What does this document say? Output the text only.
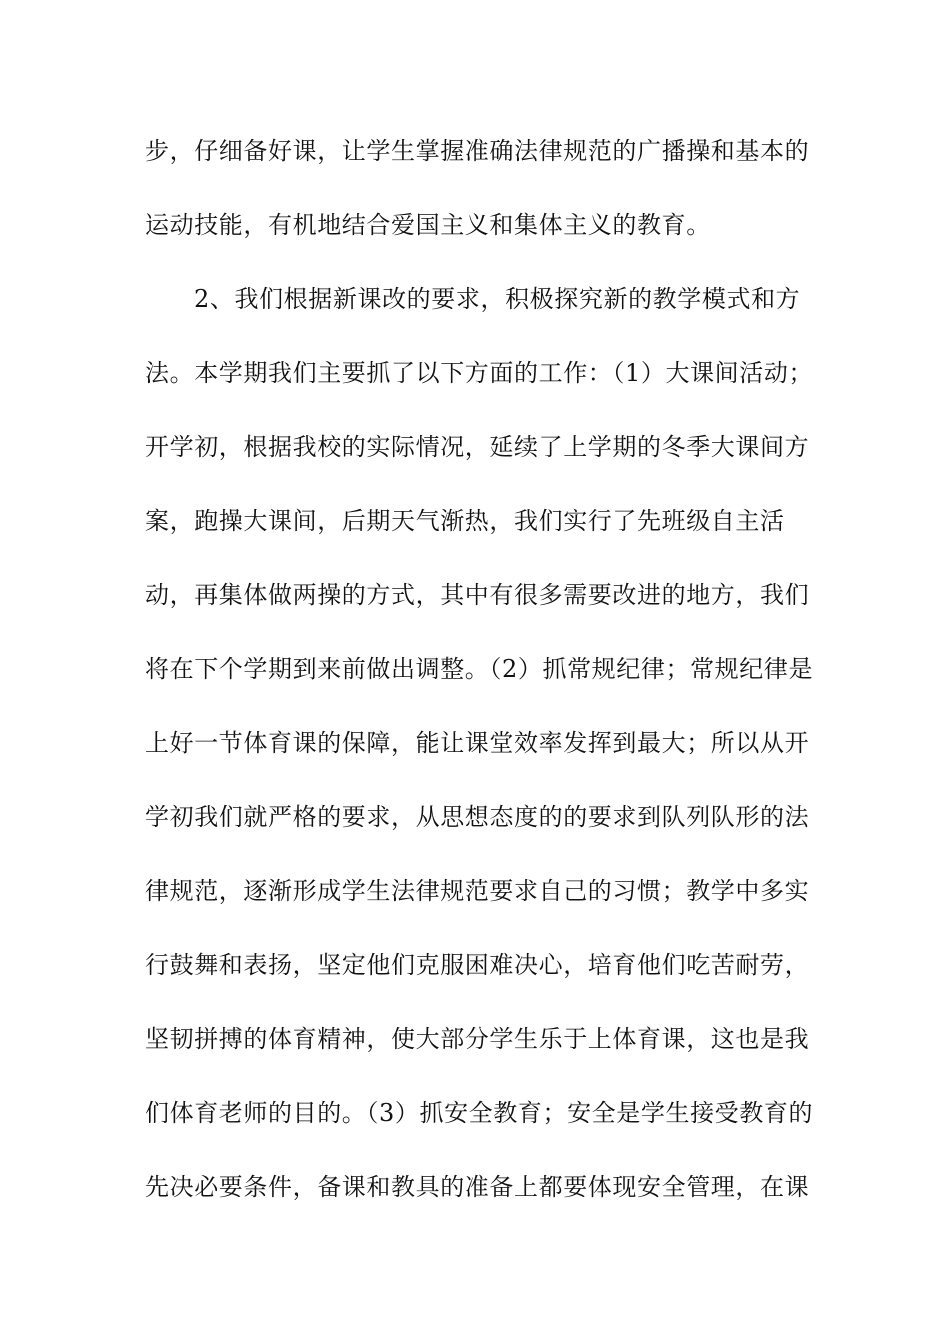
步，仔细备好课，让学生掌握准确法律规范的广播操和基本的
运动技能，有机地结合爱国主义和集体主义的教育。
2、我们根据新课改的要求，积极探究新的教学模式和方
法。本学期我们主要抓了以下方面的工作：（1）大课间活动；
开学初，根据我校的实际情况，延续了上学期的冬季大课间方
案，跑操大课间，后期天气渐热，我们实行了先班级自主活
动，再集体做两操的方式，其中有很多需要改进的地方，我们
将在下个学期到来前做出调整。（2）抓常规纪律；常规纪律是
上好一节体育课的保障，能让课堂效率发挥到最大；所以从开
学初我们就严格的要求，从思想态度的的要求到队列队形的法
律规范，逐渐形成学生法律规范要求自己的习惯；教学中多实
行鼓舞和表扬，坚定他们克服困难决心，培育他们吃苦耐劳，
坚韧拼搏的体育精神，使大部分学生乐于上体育课，这也是我
们体育老师的目的。（3）抓安全教育；安全是学生接受教育的
先决必要条件，备课和教具的准备上都要体现安全管理，在课
